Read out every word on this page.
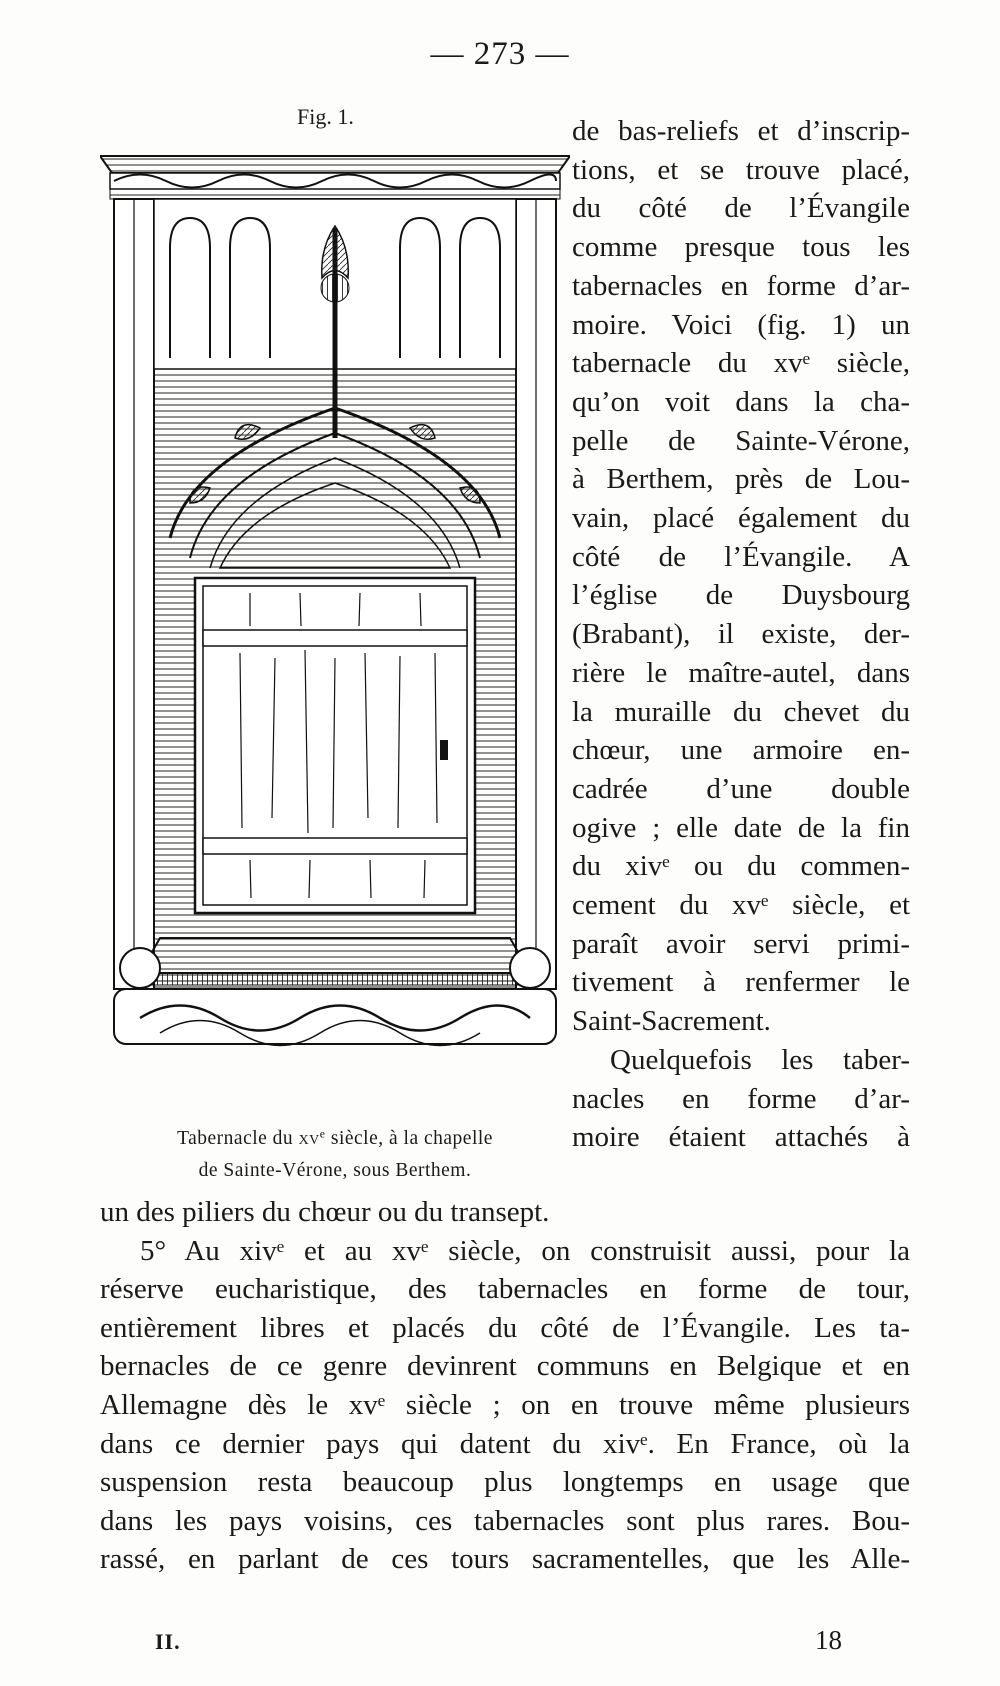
— 273 —
Fig. 1.
Tabernacle du $xv^e$ siècle, à la chapelle
de Sainte-Vérone, sous Berthem.
de bas-reliefs et d’inscrip-
tions, et se trouve placé,
du côté de l’Évangile
comme presque tous les
tabernacles en forme d’ar-
moire. Voici (fig. 1) un
tabernacle du xvᵉ siècle,
qu’on voit dans la cha-
pelle de Sainte-Vérone,
à Berthem, près de Lou-
vain, placé également du
côté de l’Évangile. A
l’église de Duysbourg
(Brabant), il existe, der-
rière le maître-autel, dans
la muraille du chevet du
chœur, une armoire en-
cadrée d’une double
ogive ; elle date de la fin
du xivᵉ ou du commen-
cement du xvᵉ siècle, et
paraît avoir servi primi-
tivement à renfermer le
Saint-Sacrement.
Quelquefois les taber-
nacles en forme d’ar-
moire étaient attachés à
un des piliers du chœur ou du transept.
5° Au xivᵉ et au xvᵉ siècle, on construisit aussi, pour la
réserve eucharistique, des tabernacles en forme de tour,
entièrement libres et placés du côté de l’Évangile. Les ta-
bernacles de ce genre devinrent communs en Belgique et en
Allemagne dès le xvᵉ siècle ; on en trouve même plusieurs
dans ce dernier pays qui datent du xivᵉ. En France, où la
suspension resta beaucoup plus longtemps en usage que
dans les pays voisins, ces tabernacles sont plus rares. Bou-
rassé, en parlant de ces tours sacramentelles, que les Alle-
II.	18
